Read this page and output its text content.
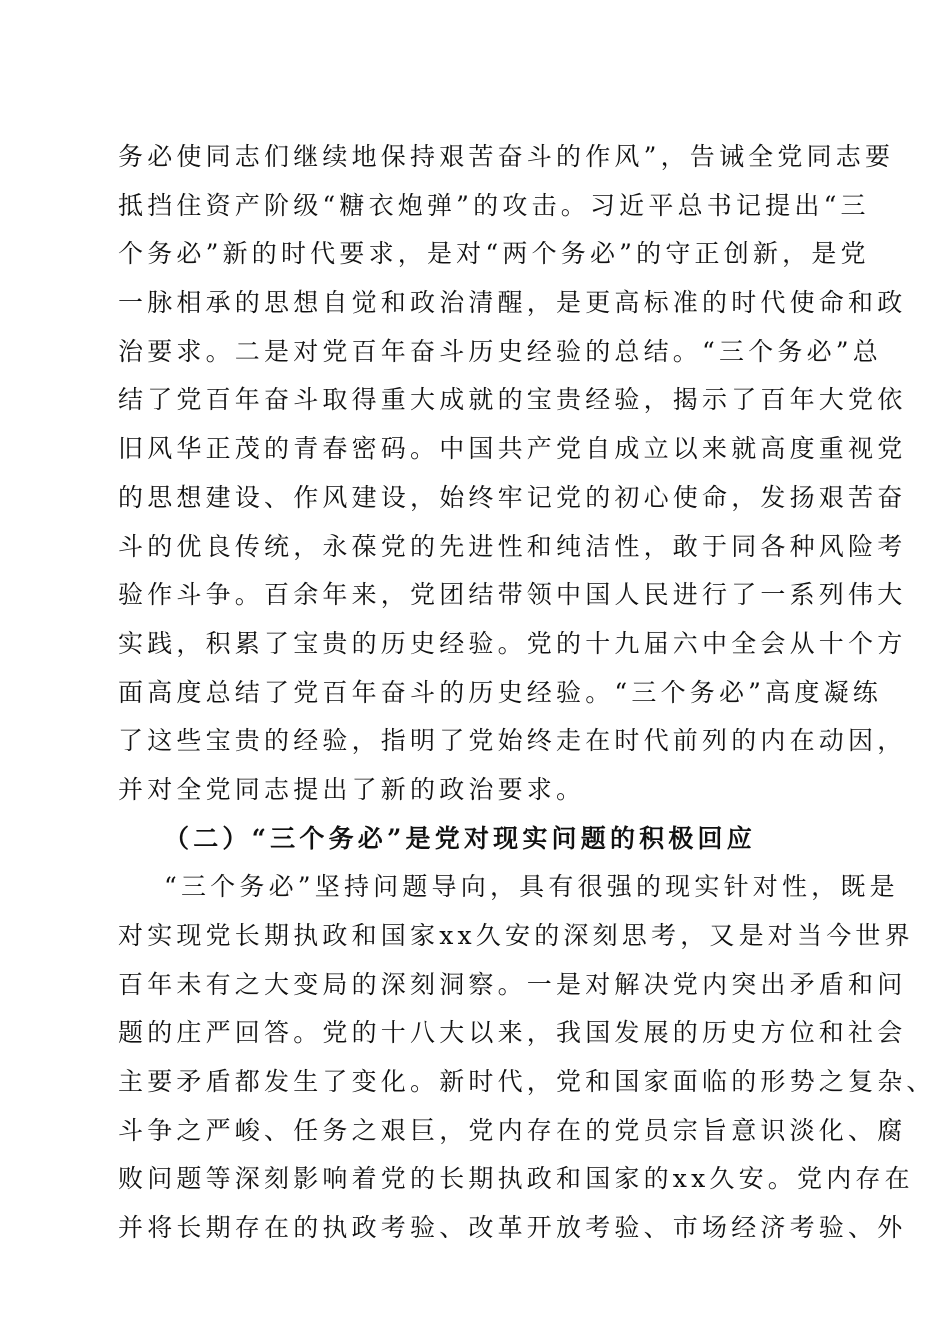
务必使同志们继续地保持艰苦奋斗的作风”，告诫全党同志要
抵挡住资产阶级“糖衣炮弹”的攻击。习近平总书记提出“三
个务必”新的时代要求，是对“两个务必”的守正创新，是党
一脉相承的思想自觉和政治清醒，是更高标准的时代使命和政
治要求。二是对党百年奋斗历史经验的总结。“三个务必”总
结了党百年奋斗取得重大成就的宝贵经验，揭示了百年大党依
旧风华正茂的青春密码。中国共产党自成立以来就高度重视党
的思想建设、作风建设，始终牢记党的初心使命，发扬艰苦奋
斗的优良传统，永葆党的先进性和纯洁性，敢于同各种风险考
验作斗争。百余年来，党团结带领中国人民进行了一系列伟大
实践，积累了宝贵的历史经验。党的十九届六中全会从十个方
面高度总结了党百年奋斗的历史经验。“三个务必”高度凝练
了这些宝贵的经验，指明了党始终走在时代前列的内在动因，
并对全党同志提出了新的政治要求。
（二）“三个务必”是党对现实问题的积极回应
“三个务必”坚持问题导向，具有很强的现实针对性，既是
对实现党长期执政和国家xx久安的深刻思考，又是对当今世界
百年未有之大变局的深刻洞察。一是对解决党内突出矛盾和问
题的庄严回答。党的十八大以来，我国发展的历史方位和社会
主要矛盾都发生了变化。新时代，党和国家面临的形势之复杂、
斗争之严峻、任务之艰巨，党内存在的党员宗旨意识淡化、腐
败问题等深刻影响着党的长期执政和国家的xx久安。党内存在
并将长期存在的执政考验、改革开放考验、市场经济考验、外
